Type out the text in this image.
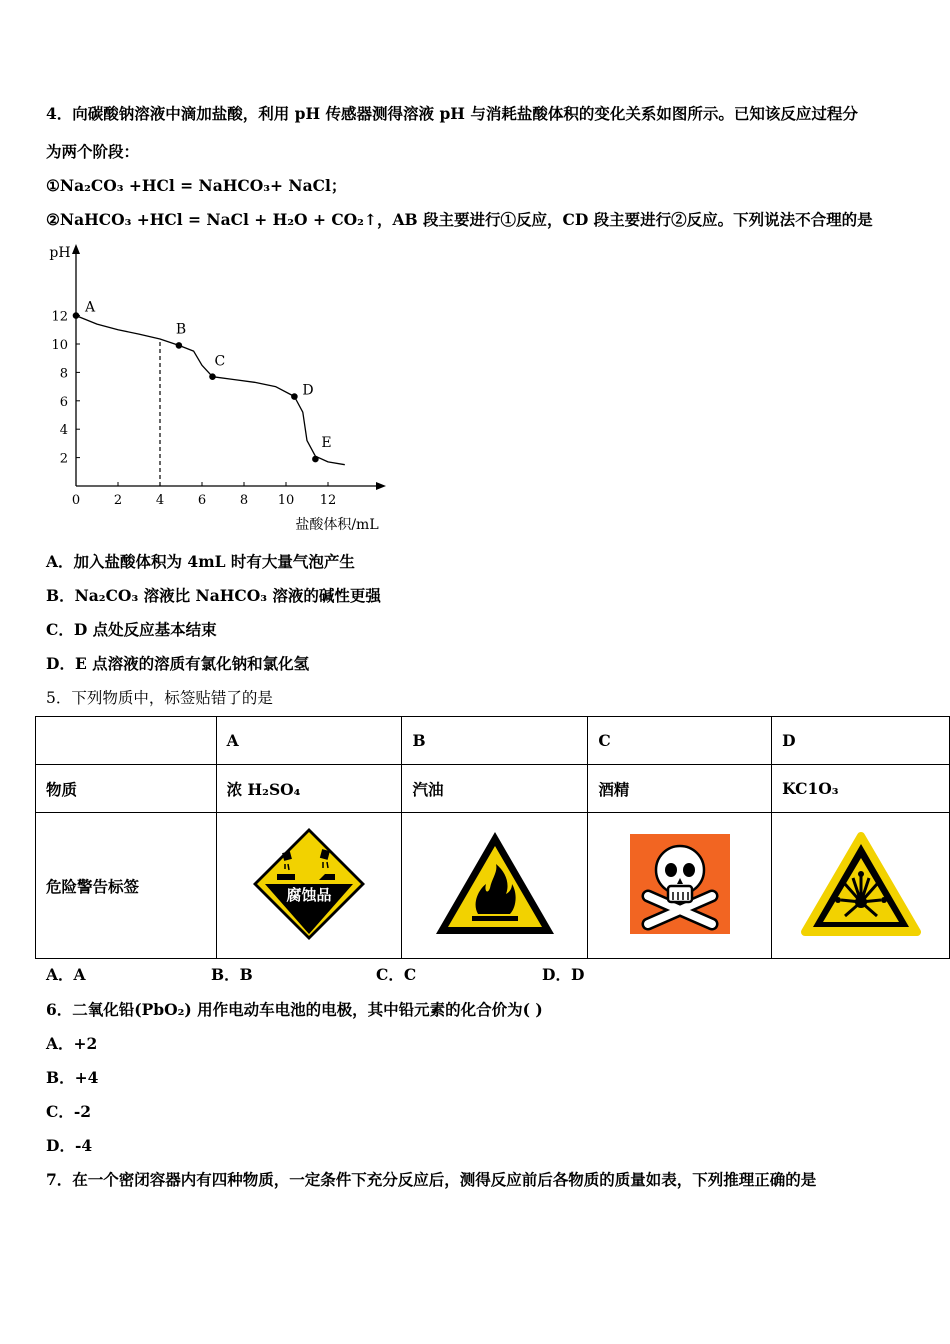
4．向碳酸钠溶液中滴加盐酸，利用 pH 传感器测得溶液 pH 与消耗盐酸体积的变化关系如图所示。已知该反应过程分
为两个阶段：
①Na₂CO₃ +HCl = NaHCO₃+ NaCl；
②NaHCO₃ +HCl = NaCl + H₂O + CO₂↑，AB 段主要进行①反应，CD 段主要进行②反应。下列说法不合理的是
pH
盐酸体积/mL
0	2	4	6	8 10 12
2
4
6
8
10
12
A
B
C
D
E
A．加入盐酸体积为 4mL 时有大量气泡产生
B．Na₂CO₃ 溶液比 NaHCO₃ 溶液的碱性更强
C．D 点处反应基本结束
D．E 点溶液的溶质有氯化钠和氯化氢
5．下列物质中，标签贴错了的是
	A	B	C	D
物质	浓 H₂SO₄	汽油	酒精	KC1O₃
危险警告标签	腐蚀品

A．A	B．B	C．C	D．D
6．二氧化铅(PbO₂) 用作电动车电池的电极，其中铅元素的化合价为( )
A．+2
B．+4
C．-2
D．-4
7．在一个密闭容器内有四种物质，一定条件下充分反应后，测得反应前后各物质的质量如表，下列推理正确的是
